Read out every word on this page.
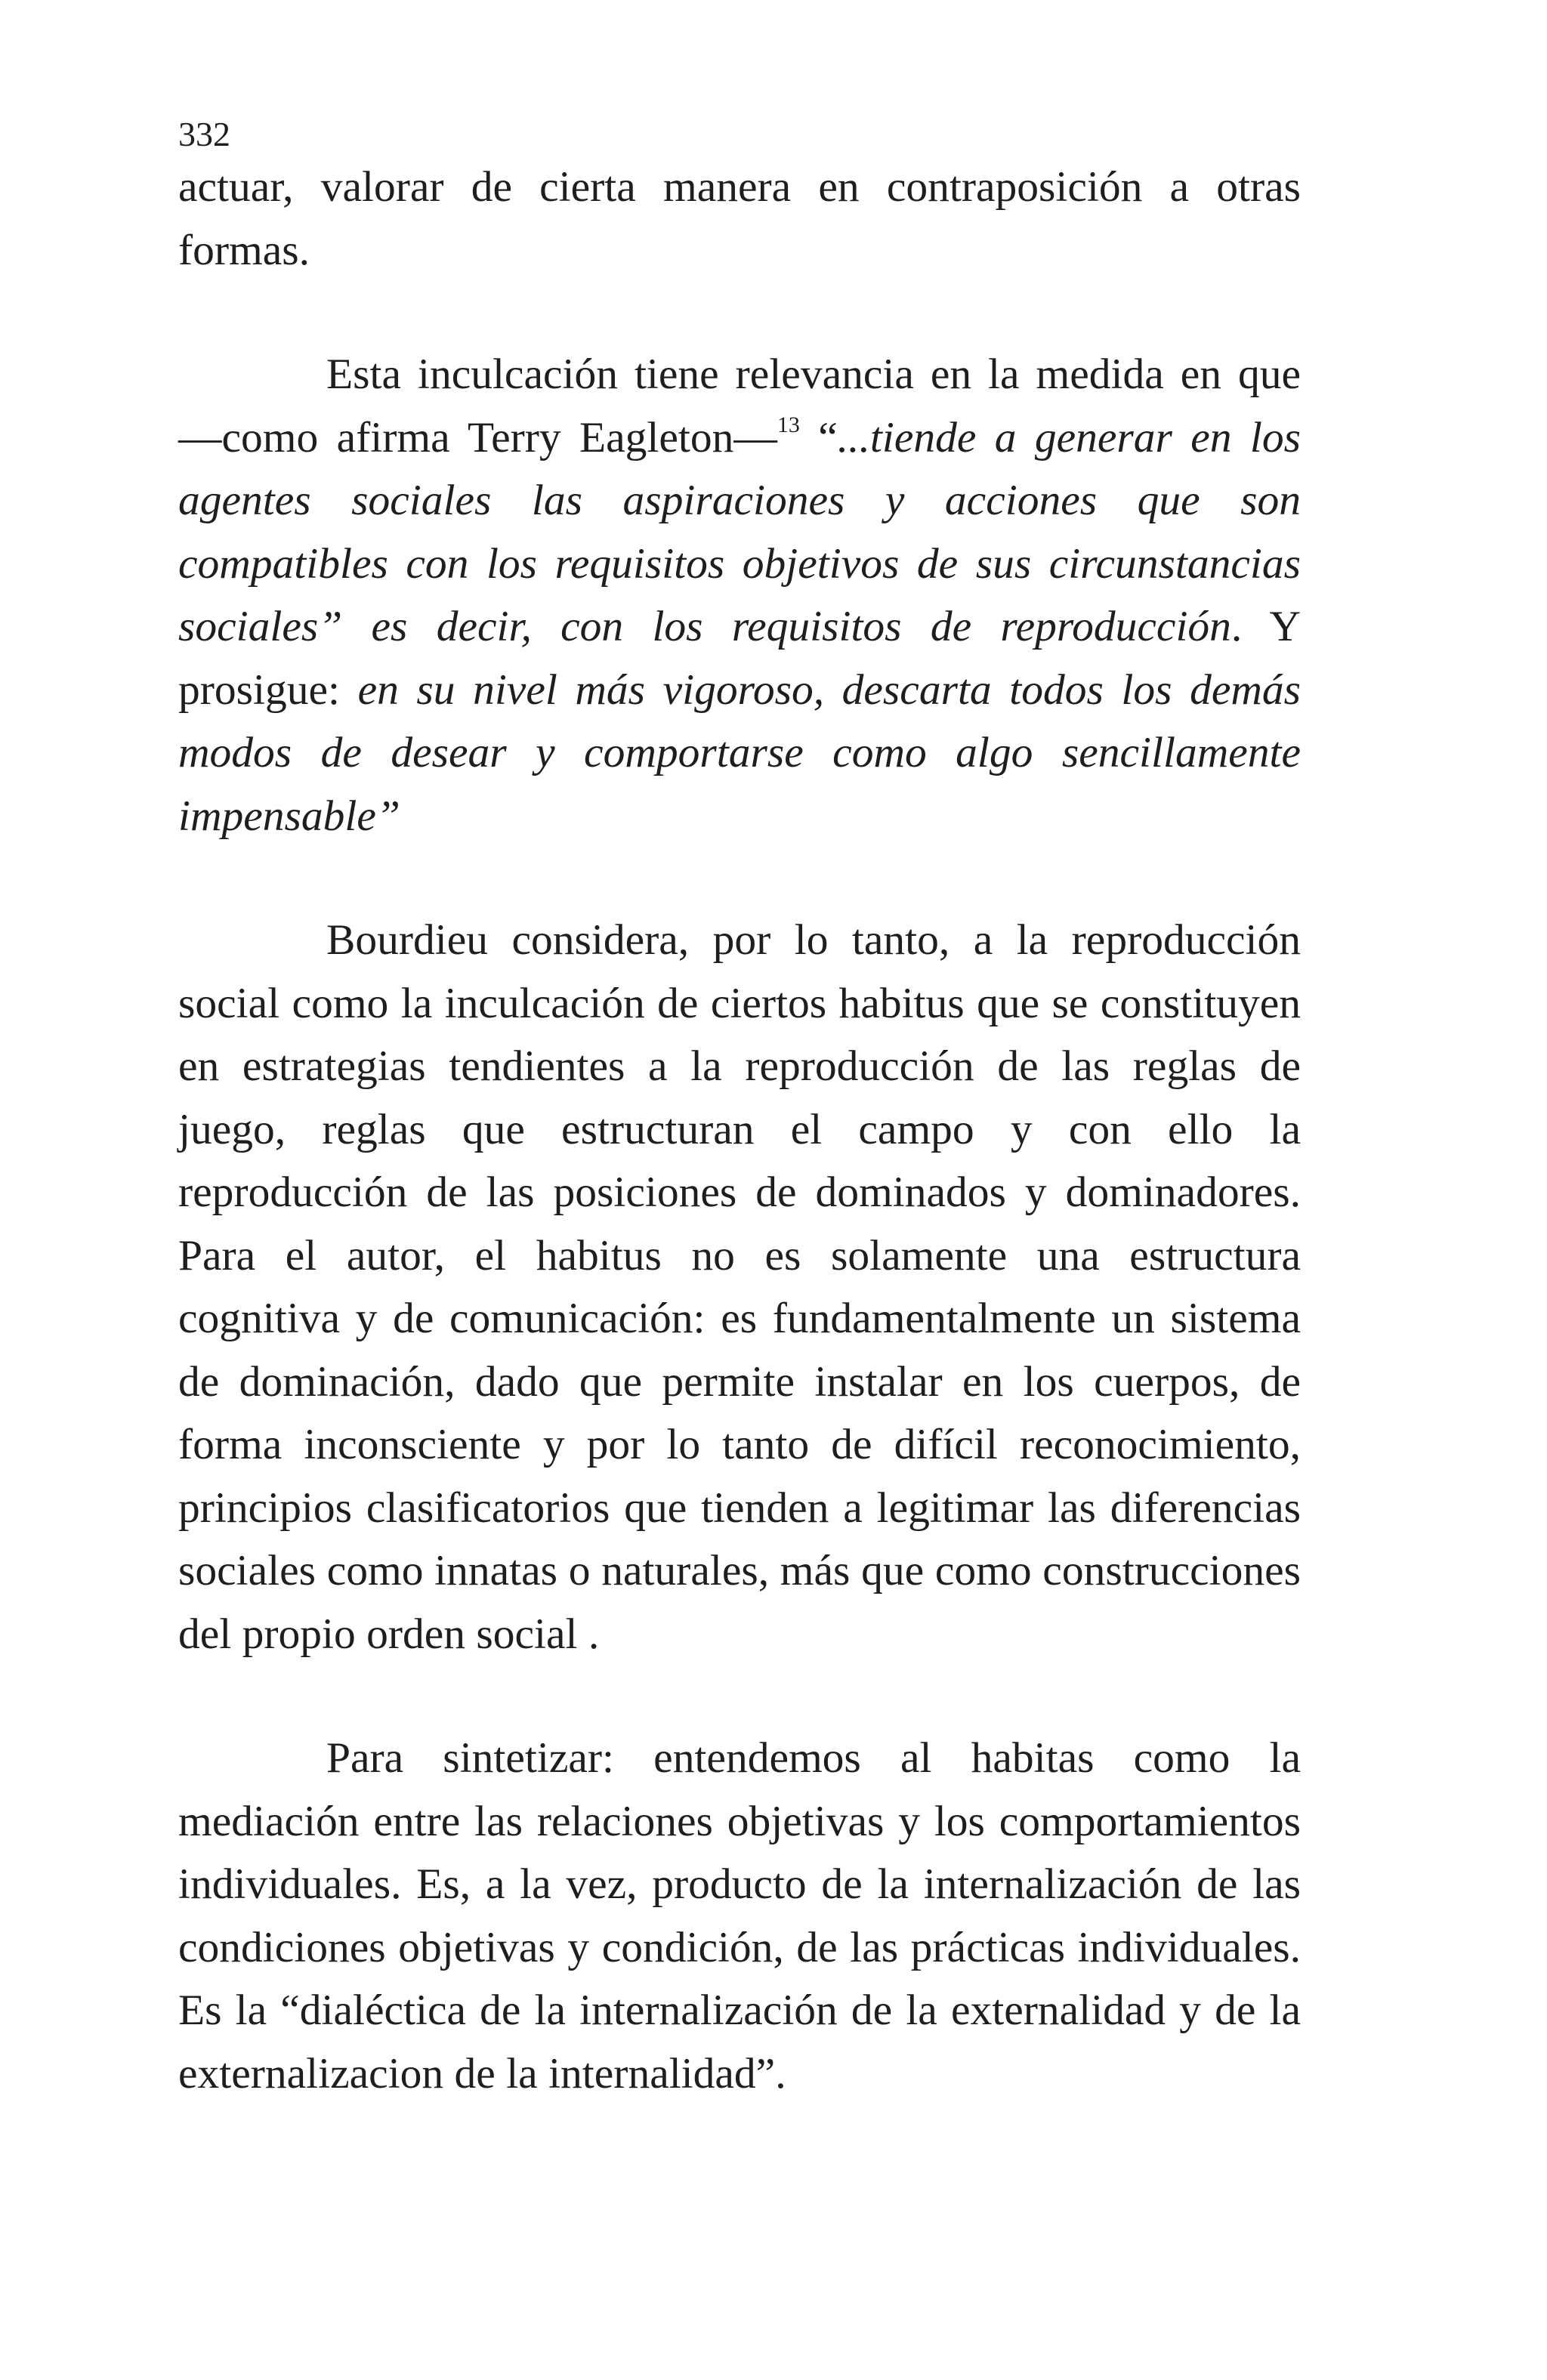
332

actuar, valorar de cierta manera en contraposición a otras formas.

Esta inculcación tiene relevancia en la medida en que —como afirma Terry Eagleton—$^{13}$ “...tiende a generar en los agentes sociales las aspiraciones y acciones que son compatibles con los requisitos objetivos de sus circunstancias sociales” es decir, con los requisitos de reproducción. Y prosigue: en su nivel más vigoroso, descarta todos los demás modos de desear y comportarse como algo sencillamente impensable”

Bourdieu considera, por lo tanto, a la reproducción social como la inculcación de ciertos habitus que se constituyen en estrategias tendientes a la reproducción de las reglas de juego, reglas que estructuran el campo y con ello la reproducción de las posiciones de dominados y dominadores. Para el autor, el habitus no es solamente una estructura cognitiva y de comunicación: es fundamentalmente un sistema de dominación, dado que permite instalar en los cuerpos, de forma inconsciente y por lo tanto de difícil reconocimiento, principios clasificatorios que tienden a legitimar las diferencias sociales como innatas o naturales, más que como construcciones del propio orden social .

Para sintetizar: entendemos al habitas como la mediación entre las relaciones objetivas y los comportamientos individuales. Es, a la vez, producto de la internalización de las condiciones objetivas y condición, de las prácticas individuales. Es la “dialéctica de la internalización de la externalidad y de la externalizacion de la internalidad”.
